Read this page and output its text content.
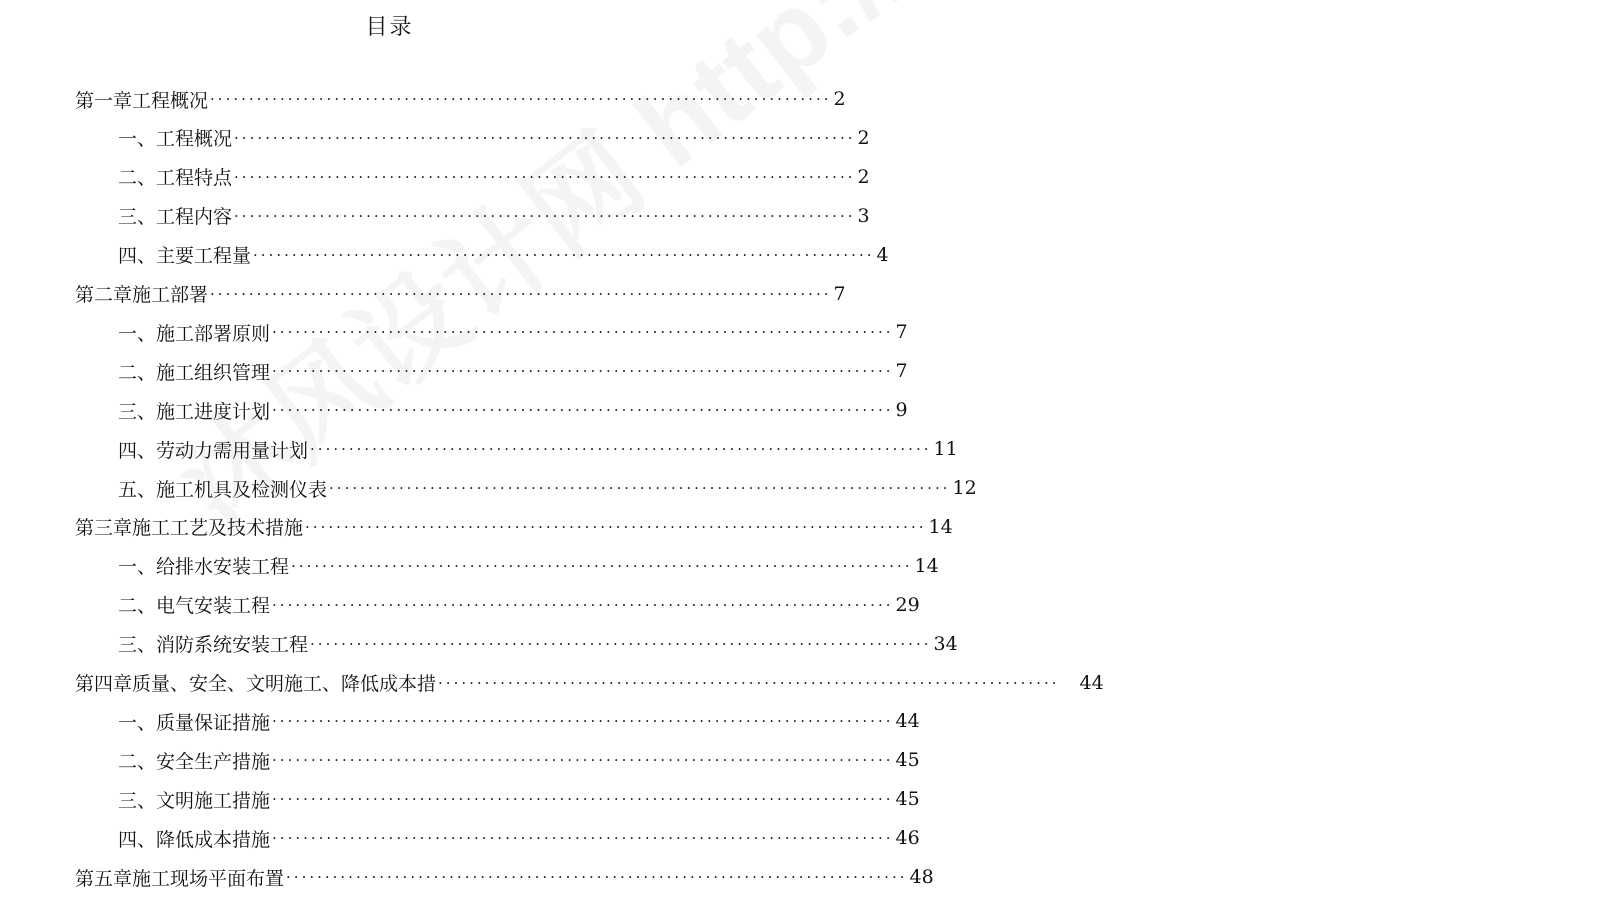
目录
第一章 工程概况 ················································································ 2
一、 工程概况 ················································································ 2
二、 工程特点 ················································································ 2
三、 工程内容 ················································································ 3
四、 主要工程量 ················································································ 4
第二章 施工部署 ················································································ 7
一、 施工部署原则 ················································································ 7
二、 施工组织管理 ················································································ 7
三、 施工进度计划 ················································································ 9
四、 劳动力需用量计划 ················································································ 11
五、 施工机具及检测仪表 ················································································ 12
第三章 施工工艺及技术措施 ················································································ 14
一、 给排水安装工程 ················································································ 14
二、 电气安装工程 ················································································ 29
三、 消防系统安装工程 ················································································ 34
第四章 质量、安全、文明施工、降低成本措 ················································································ 44
一、 质量保证措施 ················································································ 44
二、 安全生产措施 ················································································ 45
三、 文明施工措施 ················································································ 45
四、 降低成本措施 ················································································ 46
第五章 施工现场平面布置 ················································································ 48
